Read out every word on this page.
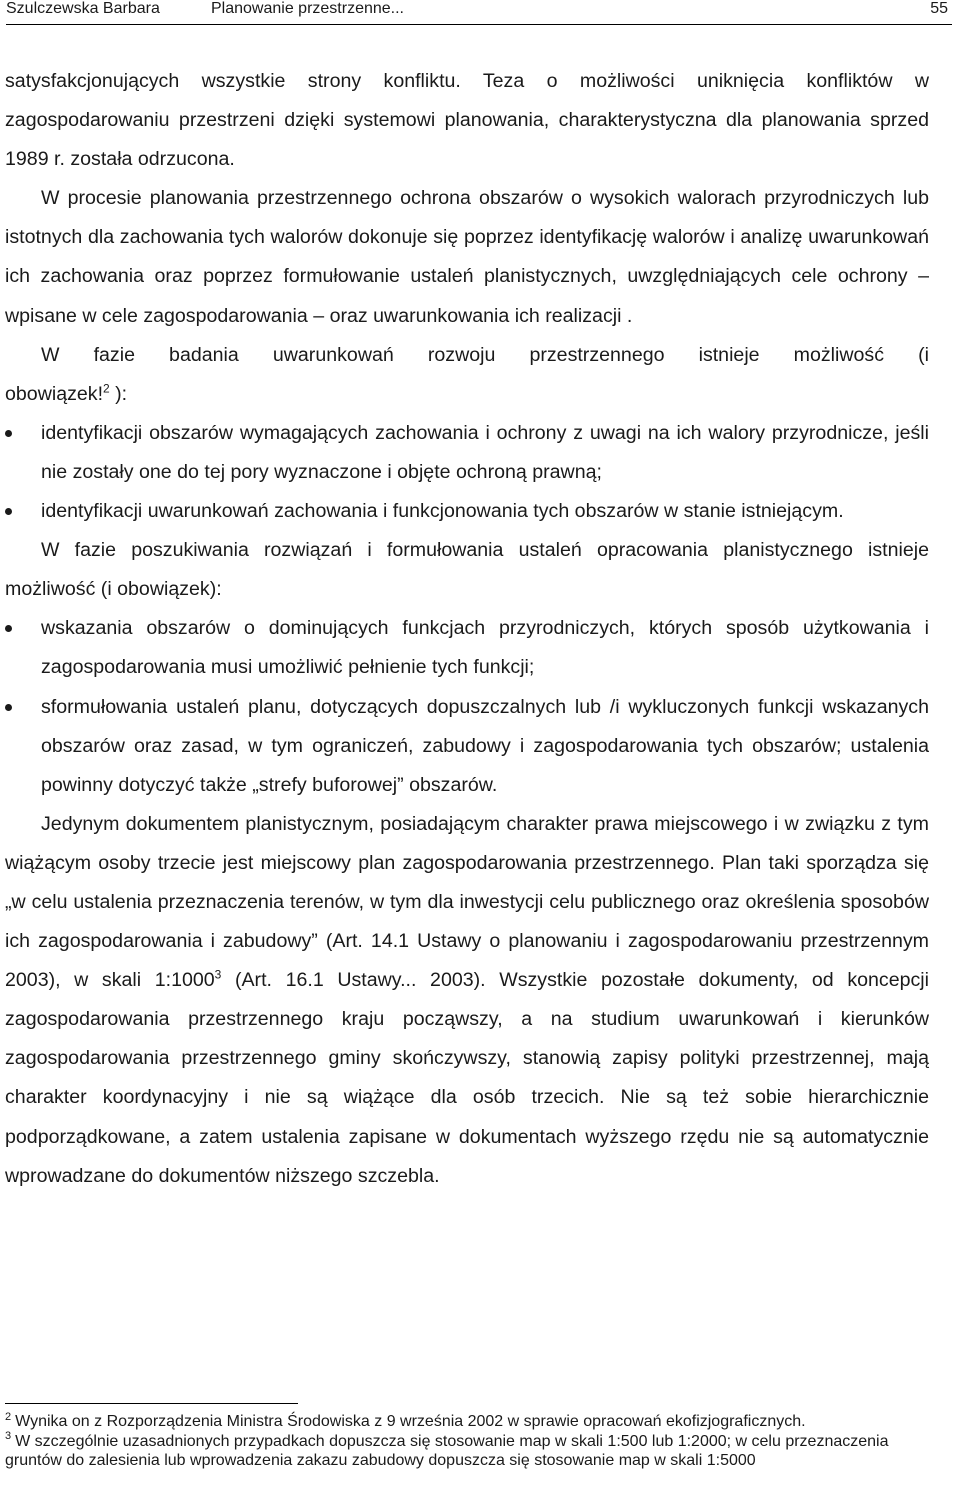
Szulczewska Barbara	Planowanie przestrzenne...	55

satysfakcjonujących wszystkie strony konfliktu. Teza o możliwości uniknięcia konfliktów w zagospodarowaniu przestrzeni dzięki systemowi planowania, charakterystyczna dla planowania sprzed 1989 r. została odrzucona.

W procesie planowania przestrzennego ochrona obszarów o wysokich walorach przyrodniczych lub istotnych dla zachowania tych walorów dokonuje się poprzez identyfikację walorów i analizę uwarunkowań ich zachowania oraz poprzez formułowanie ustaleń planistycznych, uwzględniających cele ochrony – wpisane w cele zagospodarowania – oraz uwarunkowania ich realizacji .

W fazie badania uwarunkowań rozwoju przestrzennego istnieje możliwość (i

obowiązek!$^2$ ):

identyfikacji obszarów wymagających zachowania i ochrony z uwagi na ich walory przyrodnicze, jeśli nie zostały one do tej pory wyznaczone i objęte ochroną prawną;
identyfikacji uwarunkowań zachowania i funkcjonowania tych obszarów w stanie istniejącym.

W fazie poszukiwania rozwiązań i formułowania ustaleń opracowania planistycznego istnieje możliwość (i obowiązek):

wskazania obszarów o dominujących funkcjach przyrodniczych, których sposób użytkowania i zagospodarowania musi umożliwić pełnienie tych funkcji;
sformułowania ustaleń planu, dotyczących dopuszczalnych lub /i wykluczonych funkcji wskazanych obszarów oraz zasad, w tym ograniczeń, zabudowy i zagospodarowania tych obszarów; ustalenia powinny dotyczyć także „strefy buforowej” obszarów.

Jedynym dokumentem planistycznym, posiadającym charakter prawa miejscowego i w związku z tym wiążącym osoby trzecie jest miejscowy plan zagospodarowania przestrzennego. Plan taki sporządza się „w celu ustalenia przeznaczenia terenów, w tym dla inwestycji celu publicznego oraz określenia sposobów ich zagospodarowania i zabudowy” (Art. 14.1 Ustawy o planowaniu i zagospodarowaniu przestrzennym 2003), w skali 1:1000$^3$ (Art. 16.1 Ustawy... 2003). Wszystkie pozostałe dokumenty, od koncepcji zagospodarowania przestrzennego kraju począwszy, a na studium uwarunkowań i kierunków zagospodarowania przestrzennego gminy skończywszy, stanowią zapisy polityki przestrzennej, mają charakter koordynacyjny i nie są wiążące dla osób trzecich. Nie są też sobie hierarchicznie podporządkowane, a zatem ustalenia zapisane w dokumentach wyższego rzędu nie są automatycznie wprowadzane do dokumentów niższego szczebla.

$^2$ Wynika on z Rozporządzenia Ministra Środowiska z 9 września 2002 w sprawie opracowań ekofizjograficznych.

$^3$ W szczególnie uzasadnionych przypadkach dopuszcza się stosowanie map w skali 1:500 lub 1:2000; w celu przeznaczenia gruntów do zalesienia lub wprowadzenia zakazu zabudowy dopuszcza się stosowanie map w skali 1:5000
